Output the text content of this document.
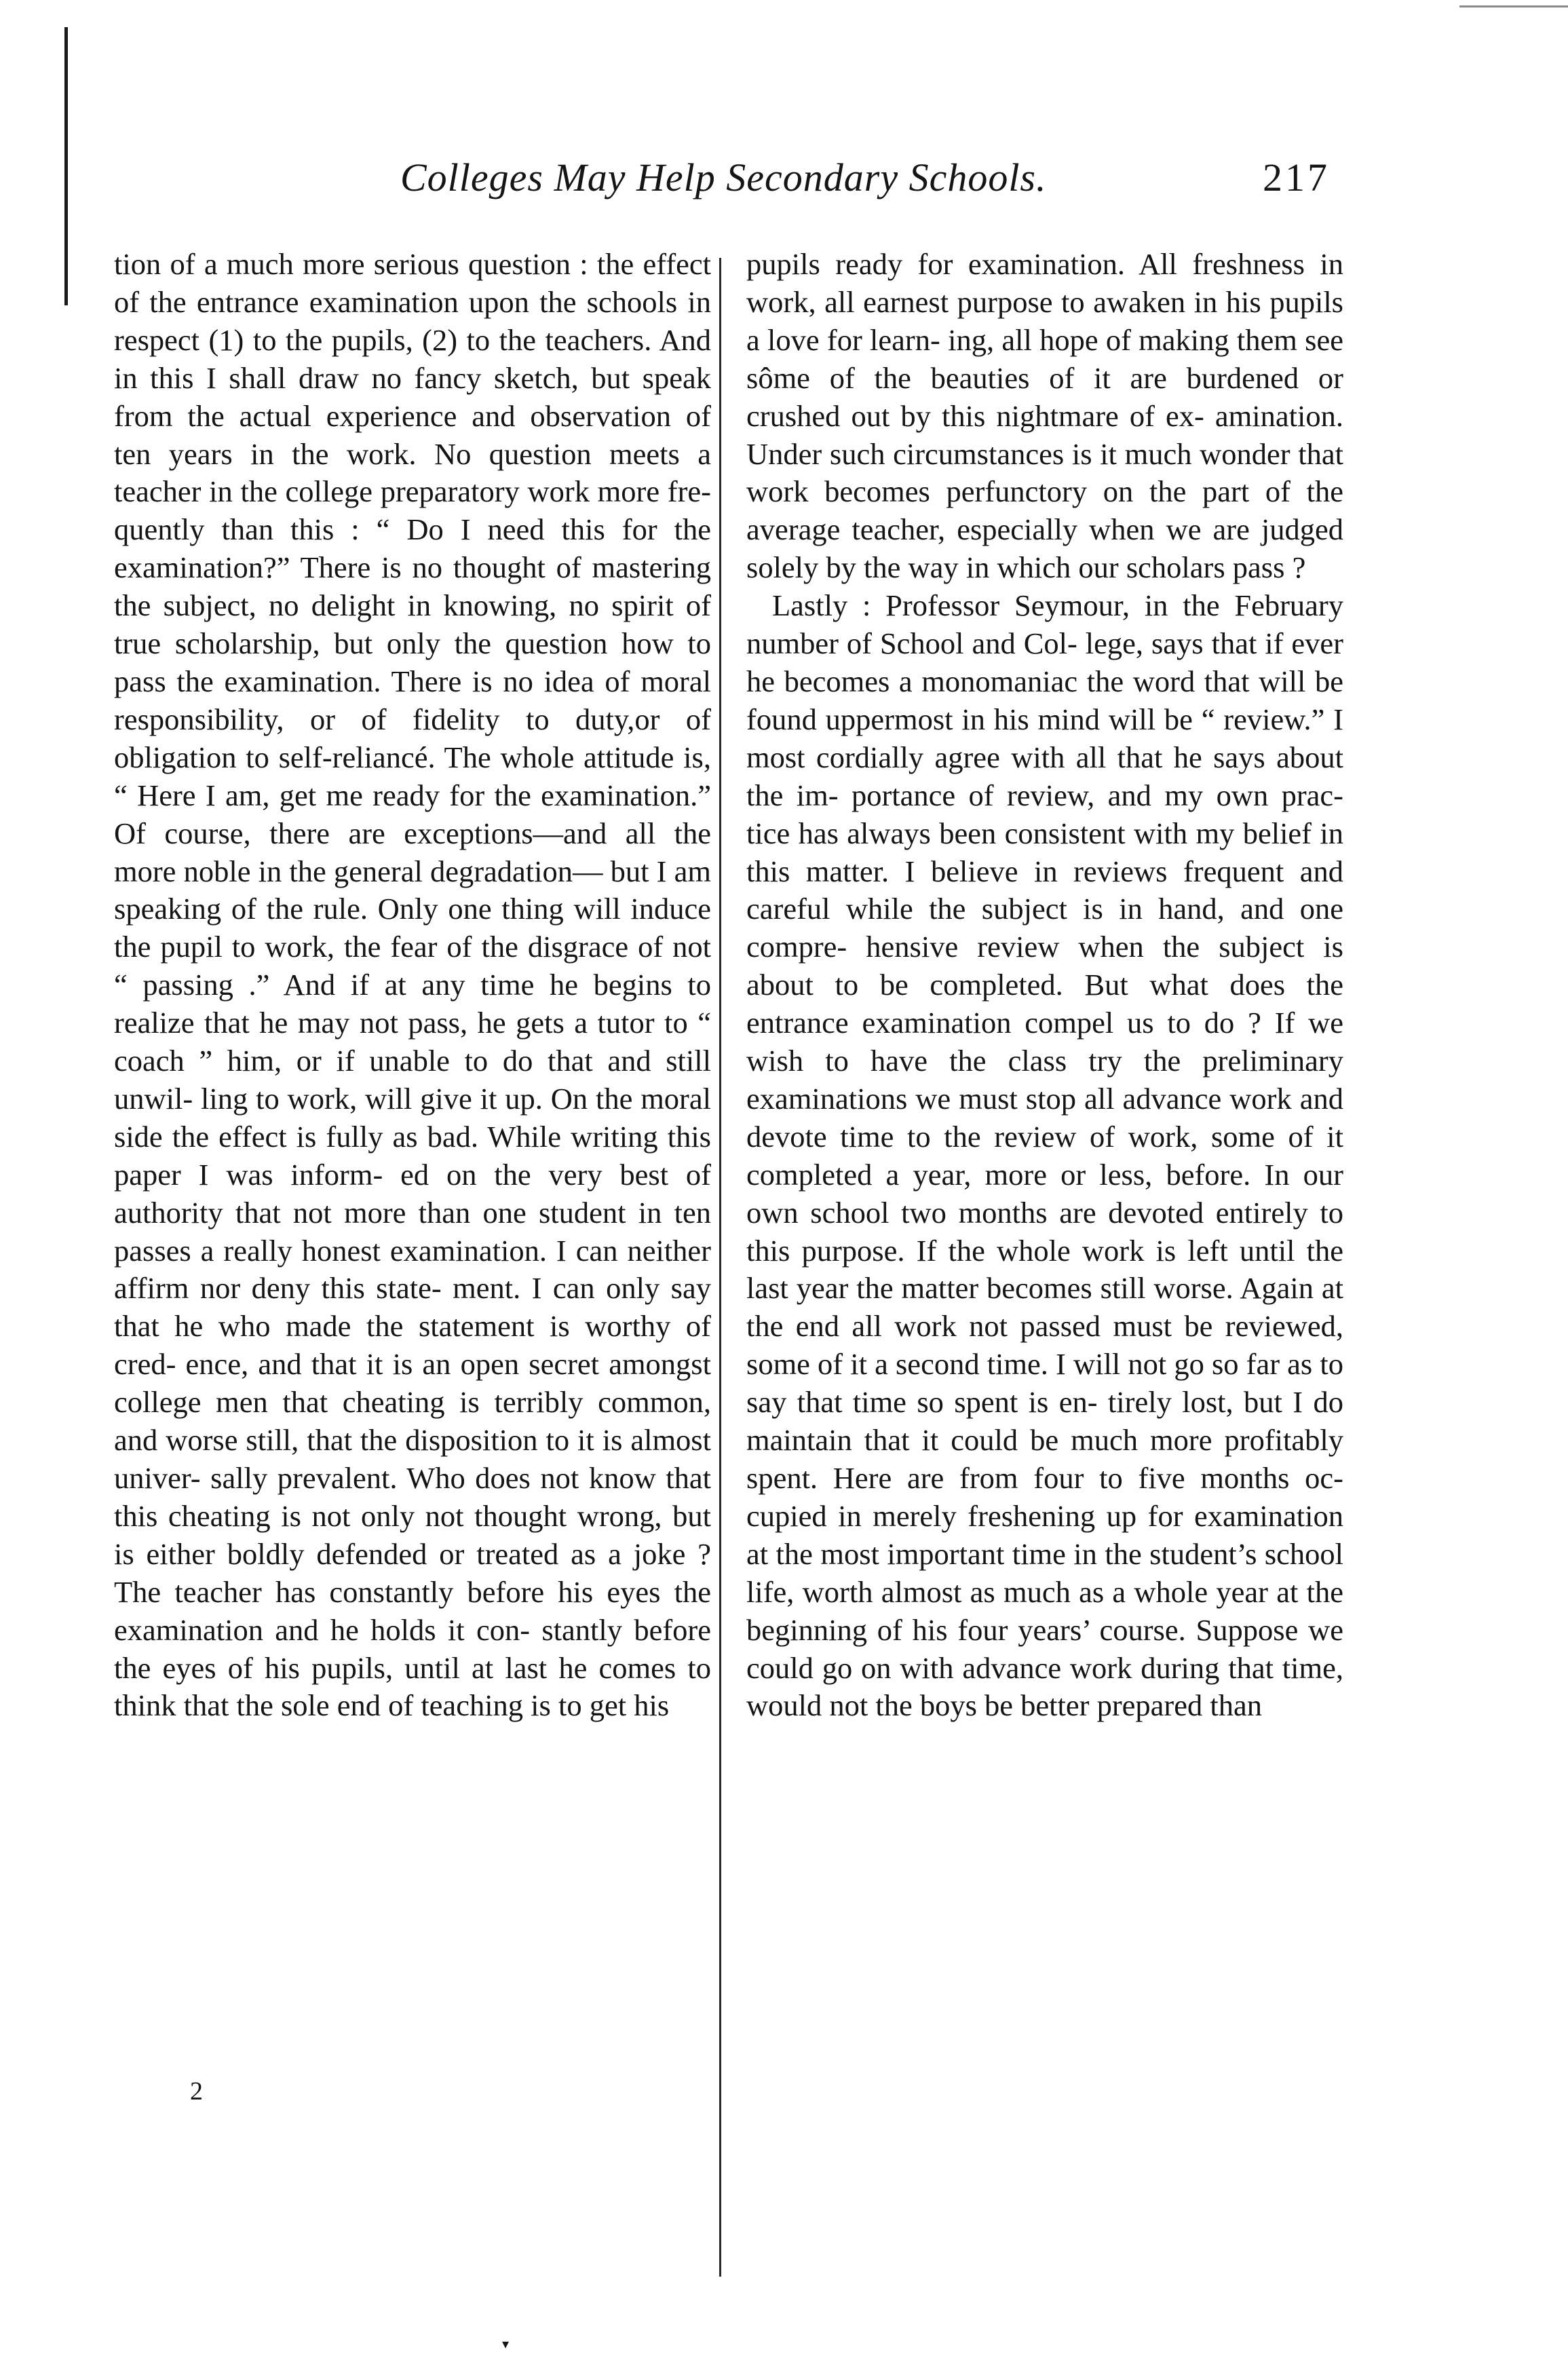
Colleges May Help Secondary Schools.	217

tion of a much more serious question : the effect of the entrance examination upon the schools in respect (1) to the pupils, (2) to the teachers. And in this I shall draw no fancy sketch, but speak from the actual experience and observation of ten years in the work. No question meets a teacher in the college preparatory work more fre- quently than this : “ Do I need this for the examination?” There is no thought of mastering the subject, no delight in knowing, no spirit of true scholarship, but only the question how to pass the examination. There is no idea of moral responsibility, or of fidelity to duty,or of obligation to self-reliancé. The whole attitude is, “ Here I am, get me ready for the examination.” Of course, there are exceptions—and all the more noble in the general degradation— but I am speaking of the rule. Only one thing will induce the pupil to work, the fear of the disgrace of not “ passing .” And if at any time he begins to realize that he may not pass, he gets a tutor to “ coach ” him, or if unable to do that and still unwil- ling to work, will give it up. On the moral side the effect is fully as bad. While writing this paper I was inform- ed on the very best of authority that not more than one student in ten passes a really honest examination. I can neither affirm nor deny this state- ment. I can only say that he who made the statement is worthy of cred- ence, and that it is an open secret amongst college men that cheating is terribly common, and worse still, that the disposition to it is almost univer- sally prevalent. Who does not know that this cheating is not only not thought wrong, but is either boldly defended or treated as a joke ? The teacher has constantly before his eyes the examination and he holds it con- stantly before the eyes of his pupils, until at last he comes to think that the sole end of teaching is to get his

pupils ready for examination. All freshness in work, all earnest purpose to awaken in his pupils a love for learn- ing, all hope of making them see sôme of the beauties of it are burdened or crushed out by this nightmare of ex- amination. Under such circumstances is it much wonder that work becomes perfunctory on the part of the average teacher, especially when we are judged solely by the way in which our scholars pass ?

Lastly : Professor Seymour, in the February number of School and Col- lege, says that if ever he becomes a monomaniac the word that will be found uppermost in his mind will be “ review.” I most cordially agree with all that he says about the im- portance of review, and my own prac- tice has always been consistent with my belief in this matter. I believe in reviews frequent and careful while the subject is in hand, and one compre- hensive review when the subject is about to be completed. But what does the entrance examination compel us to do ? If we wish to have the class try the preliminary examinations we must stop all advance work and devote time to the review of work, some of it completed a year, more or less, before. In our own school two months are devoted entirely to this purpose. If the whole work is left until the last year the matter becomes still worse. Again at the end all work not passed must be reviewed, some of it a second time. I will not go so far as to say that time so spent is en- tirely lost, but I do maintain that it could be much more profitably spent. Here are from four to five months oc- cupied in merely freshening up for examination at the most important time in the student’s school life, worth almost as much as a whole year at the beginning of his four years’ course. Suppose we could go on with advance work during that time, would not the boys be better prepared than

2
▾
